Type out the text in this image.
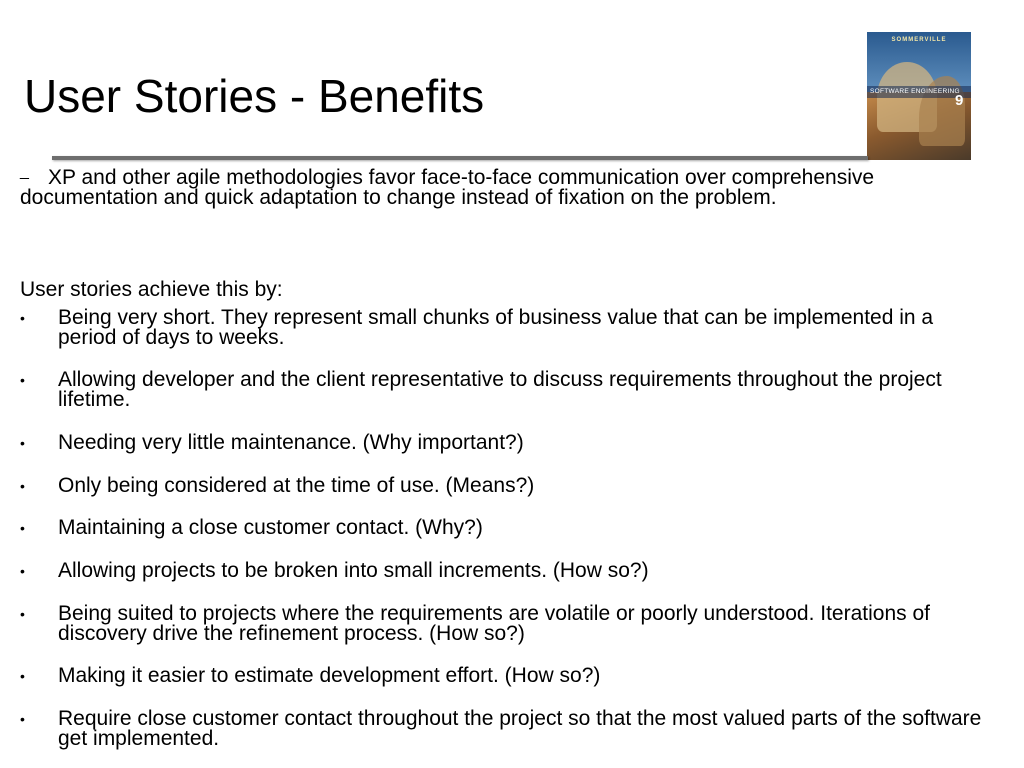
User Stories - Benefits
SOMMERVILLE
SOFTWARE ENGINEERING
9
_ XP and other agile methodologies favor face-to-face communication over comprehensive documentation and quick adaptation to change instead of fixation on the problem.

User stories achieve this by:

• Being very short. They represent small chunks of business value that can be implemented in a period of days to weeks.
• Allowing developer and the client representative to discuss requirements throughout the project lifetime.
• Needing very little maintenance. (Why important?)
• Only being considered at the time of use. (Means?)
• Maintaining a close customer contact. (Why?)
• Allowing projects to be broken into small increments. (How so?)
• Being suited to projects where the requirements are volatile or poorly understood. Iterations of discovery drive the refinement process. (How so?)
• Making it easier to estimate development effort. (How so?)
• Require close customer contact throughout the project so that the most valued parts of the software get implemented.
